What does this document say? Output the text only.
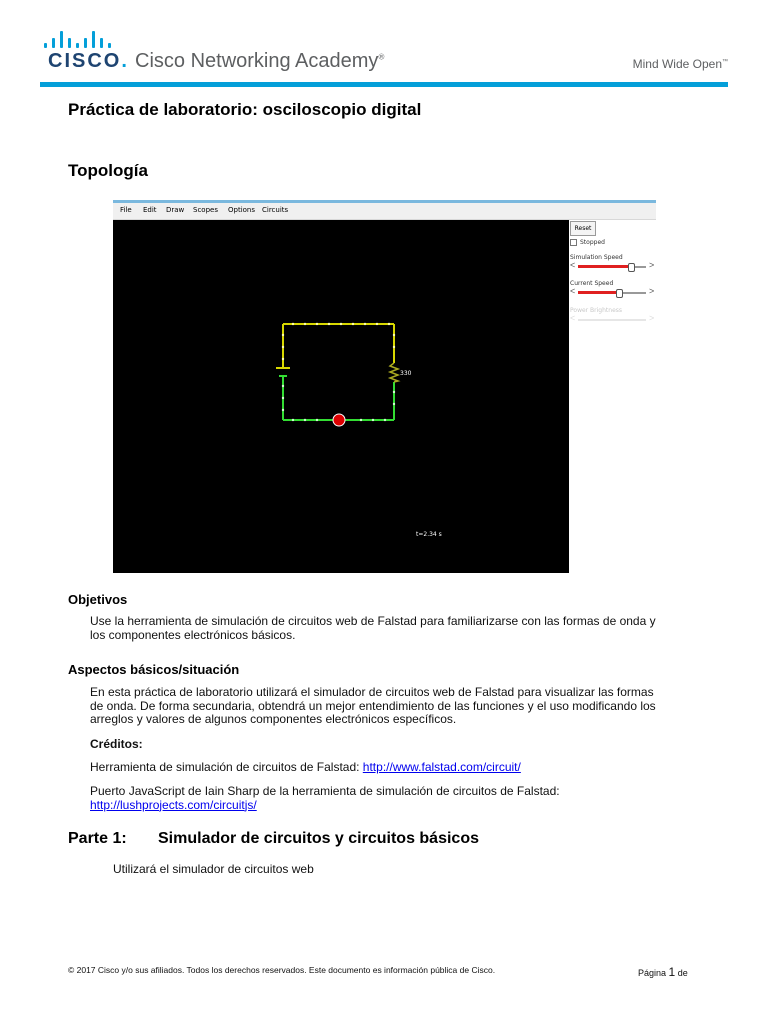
CISCO. Cisco Networking Academy®
Mind Wide Open™
Práctica de laboratorio: osciloscopio digital
Topología
File Edit Draw Scopes Options Circuits
330
t=2.34 s
Reset
Stopped
Simulation Speed
<	>
Current Speed
<	>
Power Brightness
<	>
Objetivos
Use la herramienta de simulación de circuitos web de Falstad para familiarizarse con las formas de onda y
los componentes electrónicos básicos.
Aspectos básicos/situación
En esta práctica de laboratorio utilizará el simulador de circuitos web de Falstad para visualizar las formas
de onda. De forma secundaria, obtendrá un mejor entendimiento de las funciones y el uso modificando los
arreglos y valores de algunos componentes electrónicos específicos.
Créditos:
Herramienta de simulación de circuitos de Falstad: http://www.falstad.com/circuit/
Puerto JavaScript de Iain Sharp de la herramienta de simulación de circuitos de Falstad:
http://lushprojects.com/circuitjs/
Parte 1: Simulador de circuitos y circuitos básicos
Utilizará el simulador de circuitos web
© 2017 Cisco y/o sus afiliados. Todos los derechos reservados. Este documento es información pública de Cisco.	Página 1 de
